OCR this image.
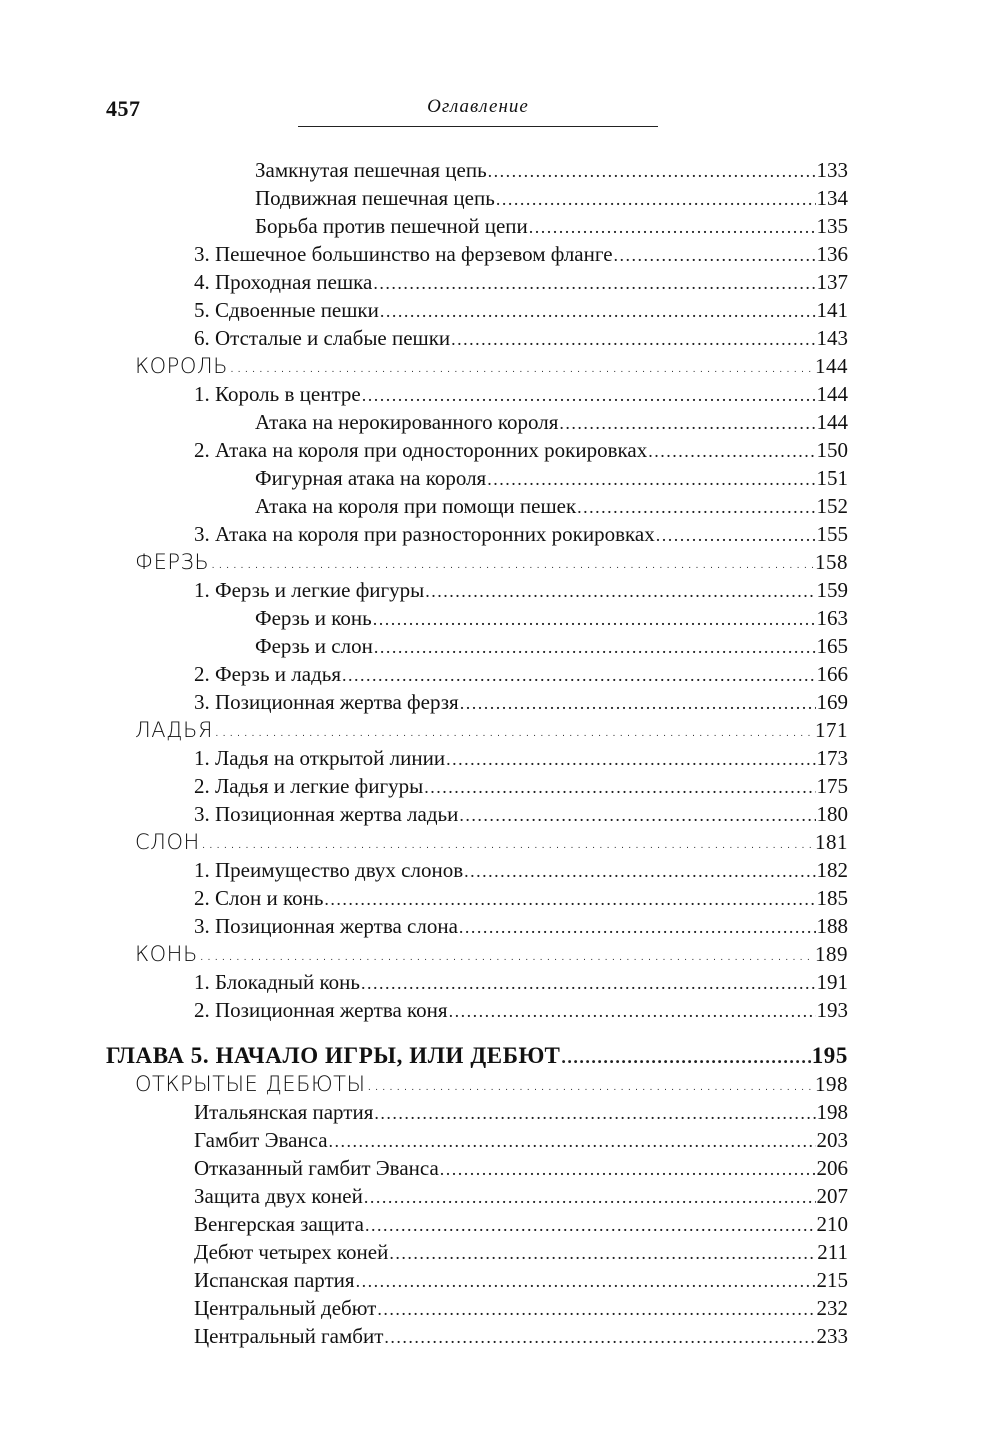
457	Оглавление
Замкнутая пешечная цепь .....	133
Подвижная пешечная цепь .....	134
Борьба против пешечной цепи .....	135
3. Пешечное большинство на ферзевом фланге .....	136
4. Проходная пешка .....	137
5. Сдвоенные пешки .....	141
6. Отсталые и слабые пешки .....	143
КОРОЛЬ .....	144
1. Король в центре .....	144
Атака на нерокированного короля .....	144
2. Атака на короля при односторонних рокировках .....	150
Фигурная атака на короля .....	151
Атака на короля при помощи пешек .....	152
3. Атака на короля при разносторонних рокировках .....	155
ФЕРЗЬ .....	158
1. Ферзь и легкие фигуры .....	159
Ферзь и конь .....	163
Ферзь и слон .....	165
2. Ферзь и ладья .....	166
3. Позиционная жертва ферзя .....	169
ЛАДЬЯ .....	171
1. Ладья на открытой линии .....	173
2. Ладья и легкие фигуры .....	175
3. Позиционная жертва ладьи .....	180
СЛОН .....	181
1. Преимущество двух слонов .....	182
2. Слон и конь .....	185
3. Позиционная жертва слона .....	188
КОНЬ .....	189
1. Блокадный конь .....	191
2. Позиционная жертва коня .....	193
ГЛАВА 5. НАЧАЛО ИГРЫ, ИЛИ ДЕБЮТ .....	195
ОТКРЫТЫЕ ДЕБЮТЫ .....	198
Итальянская партия .....	198
Гамбит Эванса .....	203
Отказанный гамбит Эванса .....	206
Защита двух коней .....	207
Венгерская защита .....	210
Дебют четырех коней .....	211
Испанская партия .....	215
Центральный дебют .....	232
Центральный гамбит .....	233
